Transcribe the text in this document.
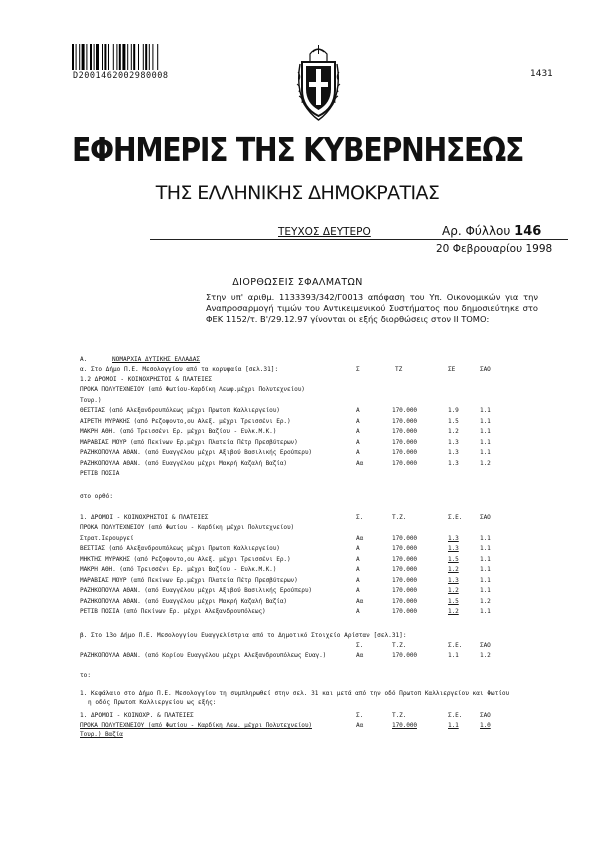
D2001462002980008	1431
ΕΦΗΜΕΡΙΣ ΤΗΣ ΚΥΒΕΡΝΗΣΕΩΣ
ΤΗΣ ΕΛΛΗΝΙΚΗΣ ΔΗΜΟΚΡΑΤΙΑΣ
ΤΕΥΧΟΣ ΔΕΥΤΕΡΟ	Αρ. Φύλλου 146
20 Φεβρουαρίου 1998
ΔΙΟΡΘΩΣΕΙΣ ΣΦΑΛΜΑΤΩΝ
Στην υπ' αριθμ. 1133393/342/Γ0013 απόφαση του Υπ. Οικονομικών για την Αναπροσαρμογή τιμών του Αντικειμενικού Συστήματος που δημοσιεύτηκε στο ΦΕΚ 1152/τ. Β'/29.12.97 γίνονται οι εξής διορθώσεις στον ΙΙ ΤΟΜΟ:
Α.	ΝΟΜΑΡΧΙΑ ΔΥΤΙΚΗΣ ΕΛΛΑΔΑΣ
α. Στο Δήμο Π.Ε. Μεσολογγίου από τα κορυφαία [σελ.31]:	Σ	ΤΖ	ΣΕ	ΣΑΟ
1.2 ΔΡΟΜΟΙ - ΚΟΙΝΟΧΡΗΣΤΟΙ & ΠΛΑΤΕΙΕΣ
ΠΡΟΚΑ ΠΟΛΥΤΕΧΝΕΙΟΥ (από Φωτίου-Καρδίκη Λεωφ.μέχρι Πολυτεχνείου)
Τουρ.)
ΘΕΣΤΙΑΣ (από Αλεξανδρουπόλεως μέχρι Πρωτοπ Καλλιεργείου)	Α	170.000	1.9	1.1
ΑΙΡΕΤΗ ΜΥΡΑΚΗΣ (από Ρεζοφοντο,ου Αλεξ. μέχρι Τρεισσένι Ερ.)	Α	170.000	1.5	1.1
ΜΑΚΡΗ ΑΘΗ. (από Τρεισσένι Ερ. μέχρι Βαζίου - Ευλκ.Μ.Κ.)	Α	170.000	1.2	1.1
ΜΑΡΑΒΙΑΣ ΜΟΥΡ (από Πεκίνων Ερ.μέχρι Πλατεία Πέτρ Πρεσβύτερων)	Α	170.000	1.3	1.1
ΡΑΖΗΚΟΠΟΥΛΑ ΑΘΑΝ. (από Ευαγγέλου μέχρι Αξιβού Βασιλικής Ερούπερυ)	Α	170.000	1.3	1.1
ΡΑΖΗΚΟΠΟΥΛΑ ΑΘΑΝ. (από Ευαγγέλου μέχρι Μακρή Καζαλή Βαζία)	Αα	170.000	1.3	1.2
ΡΕΤΙΒ ΠΟΣΙΑ
στο ορθό:
1. ΔΡΟΜΟΙ - ΚΟΙΝΟΧΡΗΣΤΟΙ & ΠΛΑΤΕΙΕΣ	Σ.	Τ.Ζ.	Σ.Ε.	ΣΑΟ
ΠΡΟΚΑ ΠΟΛΥΤΕΧΝΕΙΟΥ (από Φωτίου - Καρδίκη μέχρι Πολυτεχνείου)
Στρατ.Ιερουργεί	Αα	170.000	1.3	1.1
ΒΕΣΤΙΑΣ (από Αλεξανδρουπόλεως μέχρι Πρωτοπ Καλλιεργείου)	Α	170.000	1.3	1.1
ΜΗΚΤΗΣ ΜΥΡΑΚΗΣ (από Ρεζοφοντο,ου Αλεξ. μέχρι Τρεισσένι Ερ.)	Α	170.000	1.5	1.1
ΜΑΚΡΗ ΑΘΗ. (από Τρεισσένι Ερ. μέχρι Βαζίου - Ευλκ.Μ.Κ.)	Α	170.000	1.2	1.1
ΜΑΡΑΒΙΑΣ ΜΟΥΡ (από Πεκίνων Ερ.μέχρι Πλατεία Πέτρ Πρεσβύτερων)	Α	170.000	1.3	1.1
ΡΑΖΗΚΟΠΟΥΛΑ ΑΘΑΝ. (από Ευαγγέλου μέχρι Αξιβού Βασιλικής Ερούπερυ)	Α	170.000	1.2	1.1
ΡΑΖΗΚΟΠΟΥΛΑ ΑΘΑΝ. (από Ευαγγέλου μέχρι Μακρή Καζαλή Βαζία)	Αα	170.000	1.5	1.2
ΡΕΤΙΒ ΠΟΣΙΑ (από Πεκίνων Ερ. μέχρι Αλεξανδρουπόλεως)	Α	170.000	1.2	1.1
β. Στο 13ο Δήμο Π.Ε. Μεσολογγίου Ευαγγελίστρια από το Δημοτικό Στοιχείο Αρίσταν [σελ.31]:
Σ.	Τ.Ζ.	Σ.Ε.	ΣΑΟ
ΡΑΖΗΚΟΠΟΥΛΑ ΑΘΑΝ. (από Κορίου Ευαγγέλου μέχρι Αλεξανδρουπόλεως Ευαγ.)	Αα	170.000	1.1	1.2
το:
1. Κεφάλαιο στο Δήμο Π.Ε. Μεσολογγίου τη συμπληρωθεί στην σελ. 31 και μετά από την οδό Πρωτοπ Καλλιεργείου και Φωτίου
η οδός Πρωτοπ Καλλιεργείου ως εξής:
1. ΔΡΟΜΟΙ - ΚΟΙΝΟΧΡ. & ΠΛΑΤΕΙΕΣ	Σ.	Τ.Ζ.	Σ.Ε.	ΣΑΟ
ΠΡΟΚΑ ΠΟΛΥΤΕΧΝΕΙΟΥ (από Φωτίου - Καρδίκη Λεω. μέχρι Πολυτεχνείου)	Αα	170.000	1.1	1.0
Τουρ.) Βαζία
